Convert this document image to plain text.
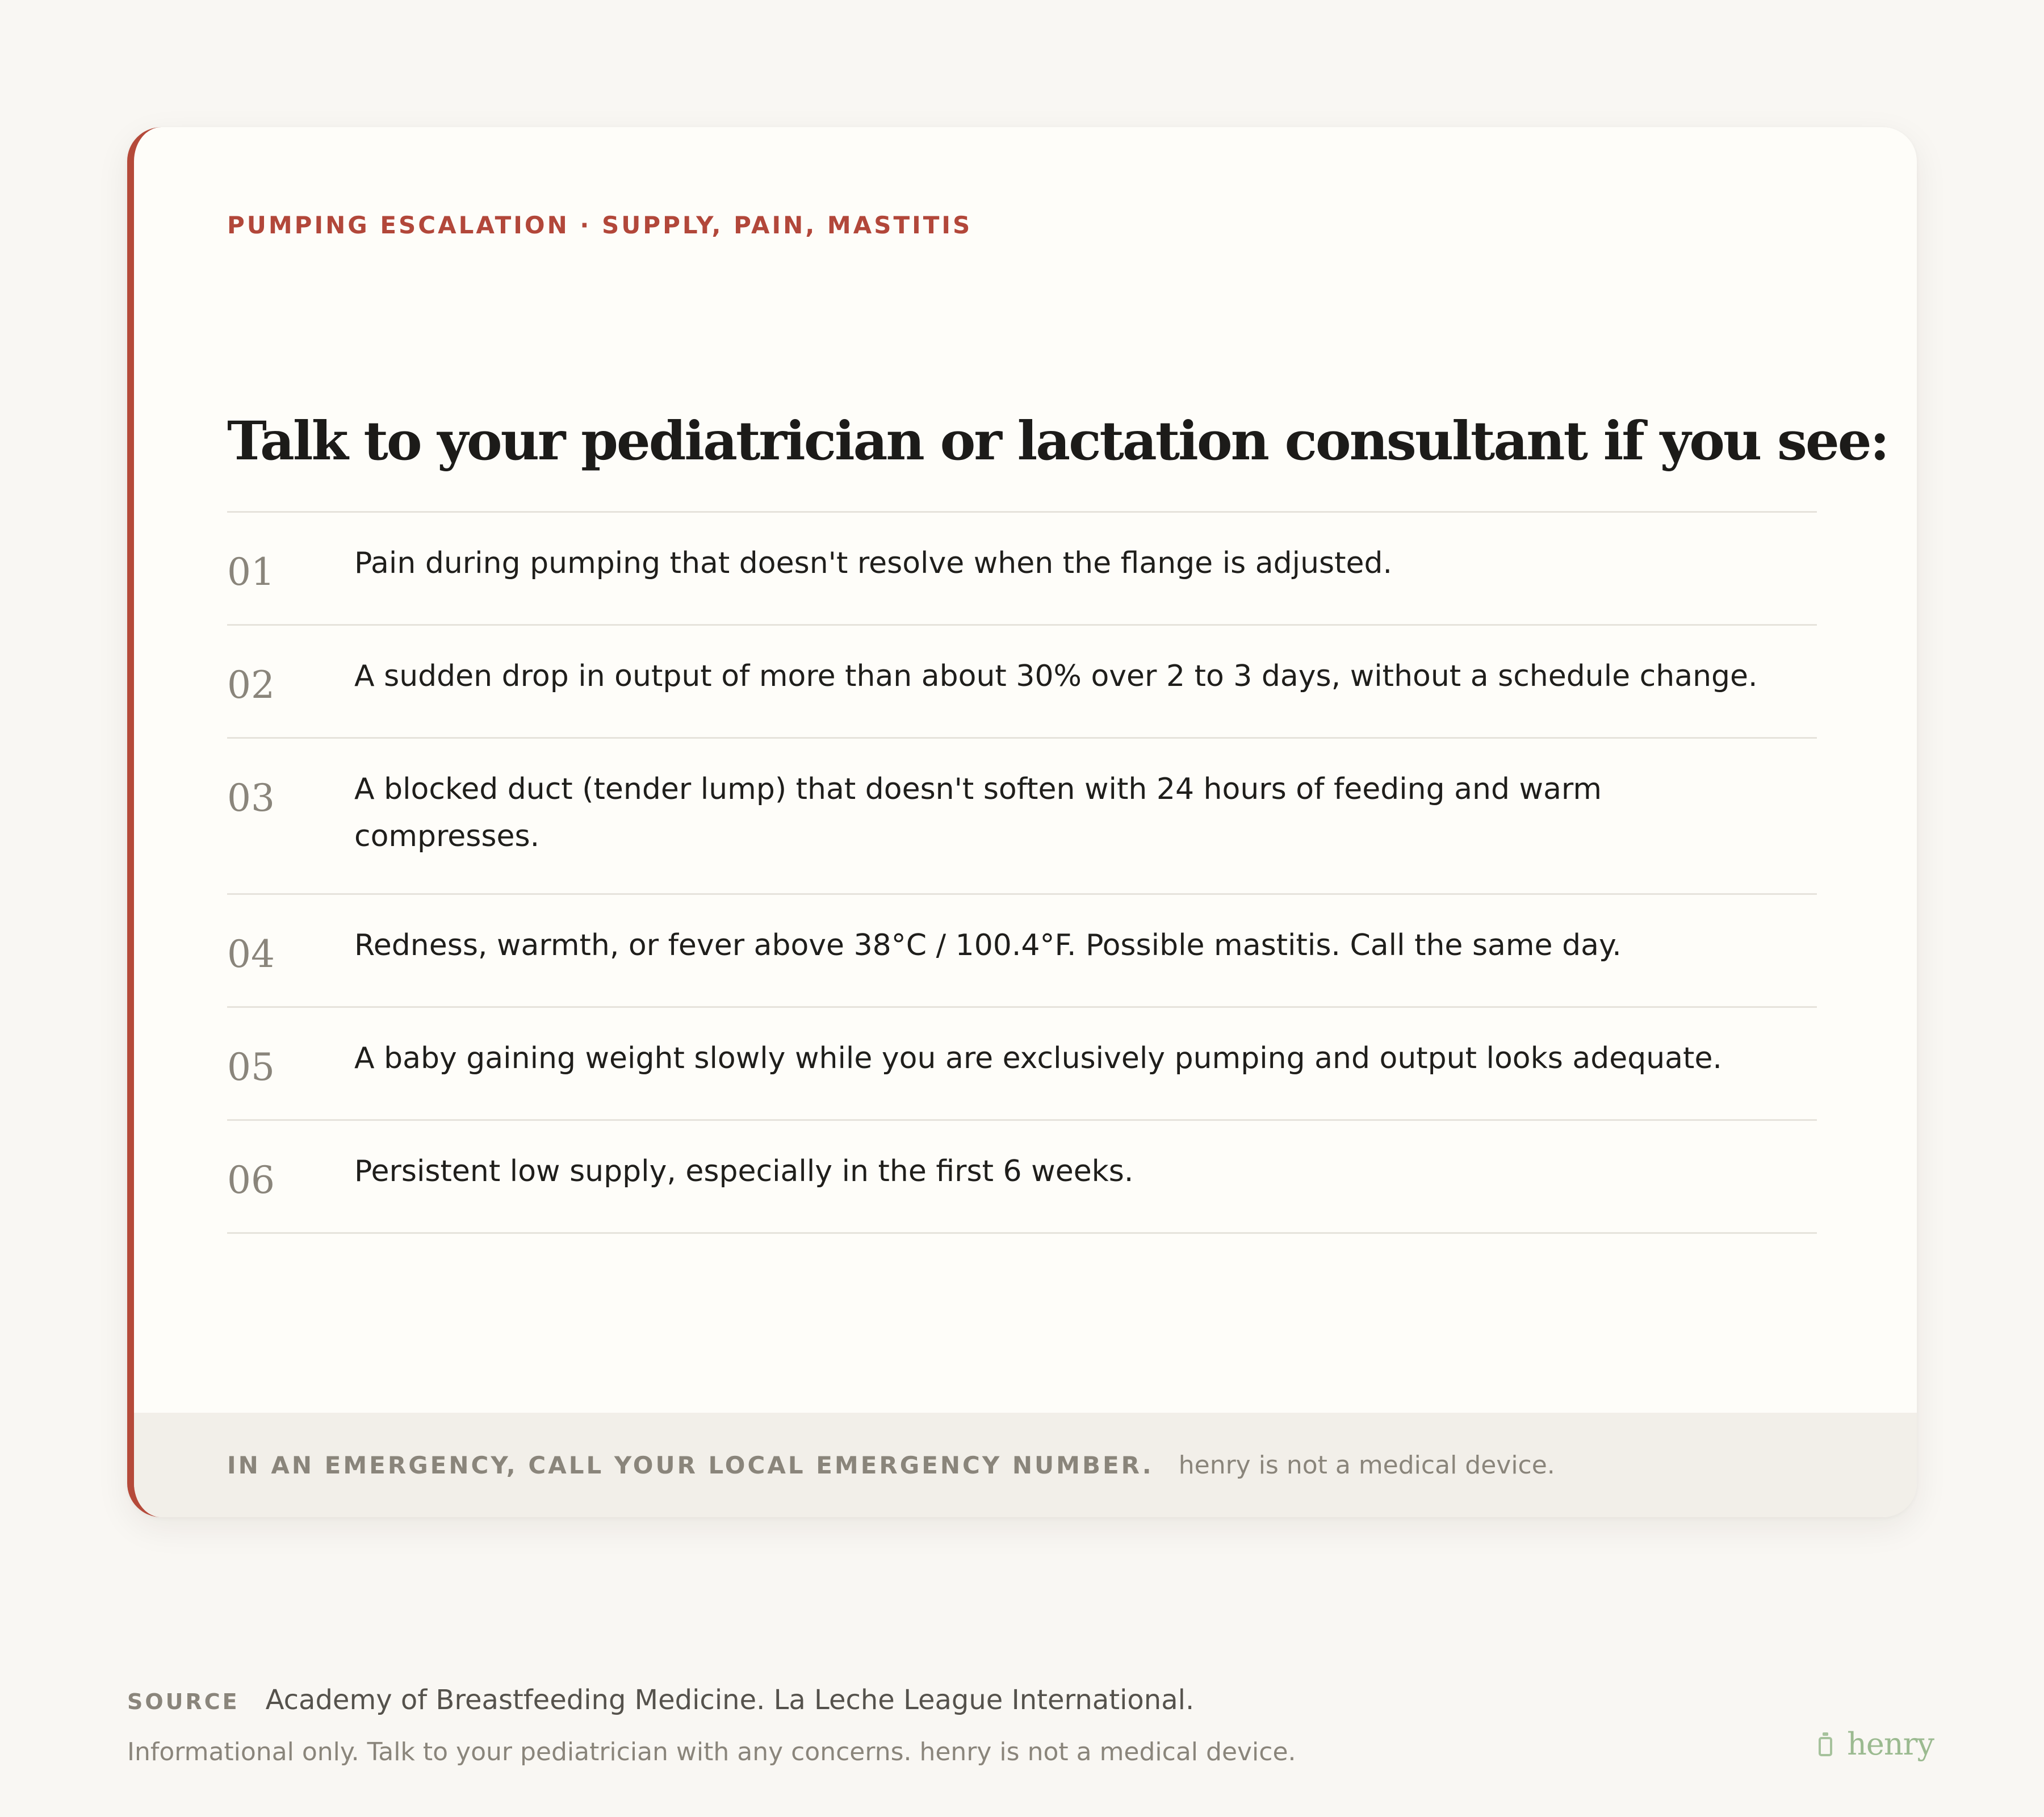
PUMPING ESCALATION · SUPPLY, PAIN, MASTITIS
Talk to your pediatrician or lactation consultant if you see:
01	Pain during pumping that doesn't resolve when the flange is adjusted.
02	A sudden drop in output of more than about 30% over 2 to 3 days, without a schedule change.
03	A blocked duct (tender lump) that doesn't soften with 24 hours of feeding and warm compresses.
04	Redness, warmth, or fever above 38°C / 100.4°F. Possible mastitis. Call the same day.
05	A baby gaining weight slowly while you are exclusively pumping and output looks adequate.
06	Persistent low supply, especially in the first 6 weeks.
IN AN EMERGENCY, CALL YOUR LOCAL EMERGENCY NUMBER. henry is not a medical device.
SOURCE Academy of Breastfeeding Medicine. La Leche League International.
Informational only. Talk to your pediatrician with any concerns. henry is not a medical device.	henry
